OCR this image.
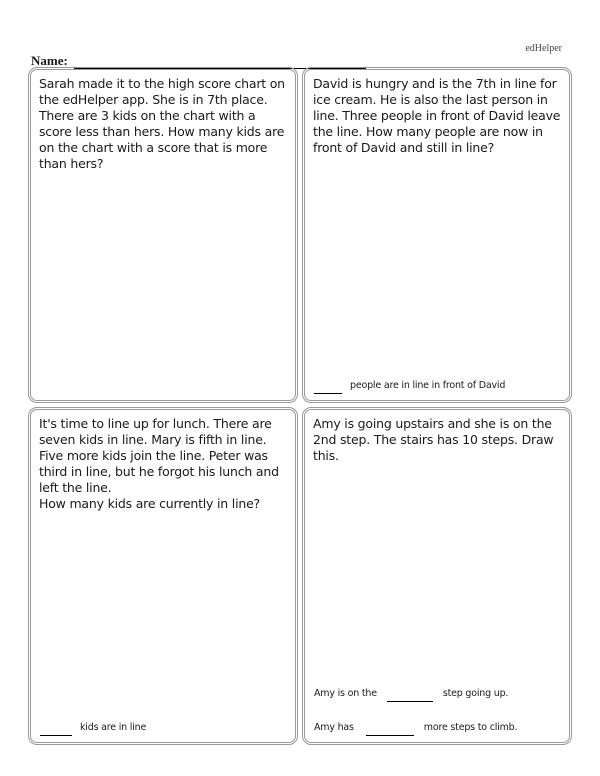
edHelper
Name:

Sarah made it to the high score chart on the edHelper app. She is in 7th place. There are 3 kids on the chart with a score less than hers. How many kids are on the chart with a score that is more than hers?

David is hungry and is the 7th in line for ice cream. He is also the last person in line. Three people in front of David leave the line. How many people are now in front of David and still in line?

people are in line in front of David

It's time to line up for lunch. There are seven kids in line. Mary is fifth in line. Five more kids join the line. Peter was third in line, but he forgot his lunch and left the line.

How many kids are currently in line?

kids are in line

Amy is going upstairs and she is on the 2nd step. The stairs has 10 steps. Draw this.

Amy is on the	step going up.
Amy has	more steps to climb.
